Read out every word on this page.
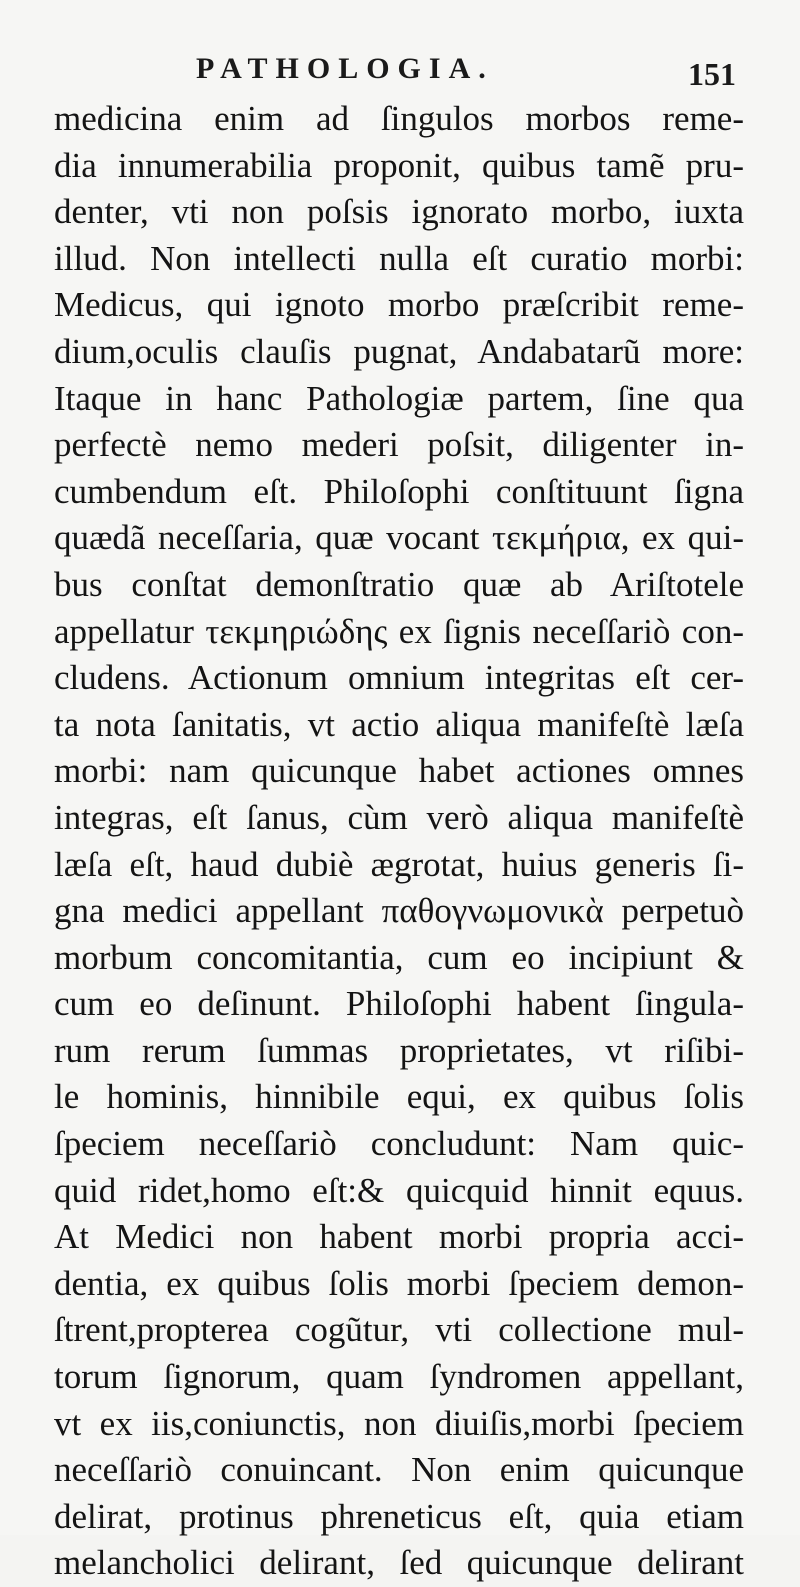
PATHOLOGIA.	151
medicina enim ad ſingulos morbos reme-
dia innumerabilia proponit, quibus tamẽ pru-
denter, vti non poſsis ignorato morbo, iuxta
illud. Non intellecti nulla eſt curatio morbi:
Medicus, qui ignoto morbo præſcribit reme-
dium,oculis clauſis pugnat, Andabatarũ more:
Itaque in hanc Pathologiæ partem, ſine qua
perfectè nemo mederi poſsit, diligenter in-
cumbendum eſt. Philoſophi conſtituunt ſigna
quædã neceſſaria, quæ vocant τεκμήρια, ex qui-
bus conſtat demonſtratio quæ ab Ariſtotele
appellatur τεκμηριώδης ex ſignis neceſſariò con-
cludens. Actionum omnium integritas eſt cer-
ta nota ſanitatis, vt actio aliqua manifeſtè læſa
morbi: nam quicunque habet actiones omnes
integras, eſt ſanus, cùm verò aliqua manifeſtè
læſa eſt, haud dubiè ægrotat, huius generis ſi-
gna medici appellant παθογνωμονικὰ perpetuò
morbum concomitantia, cum eo incipiunt &
cum eo deſinunt. Philoſophi habent ſingula-
rum rerum ſummas proprietates, vt riſibi-
le hominis, hinnibile equi, ex quibus ſolis
ſpeciem neceſſariò concludunt: Nam quic-
quid ridet,homo eſt:& quicquid hinnit equus.
At Medici non habent morbi propria acci-
dentia, ex quibus ſolis morbi ſpeciem demon-
ſtrent,propterea cogũtur, vti collectione mul-
torum ſignorum, quam ſyndromen appellant,
vt ex iis,coniunctis, non diuiſis,morbi ſpeciem
neceſſariò conuincant. Non enim quicunque
delirat, protinus phreneticus eſt, quia etiam
melancholici delirant, ſed quicunque delirant
